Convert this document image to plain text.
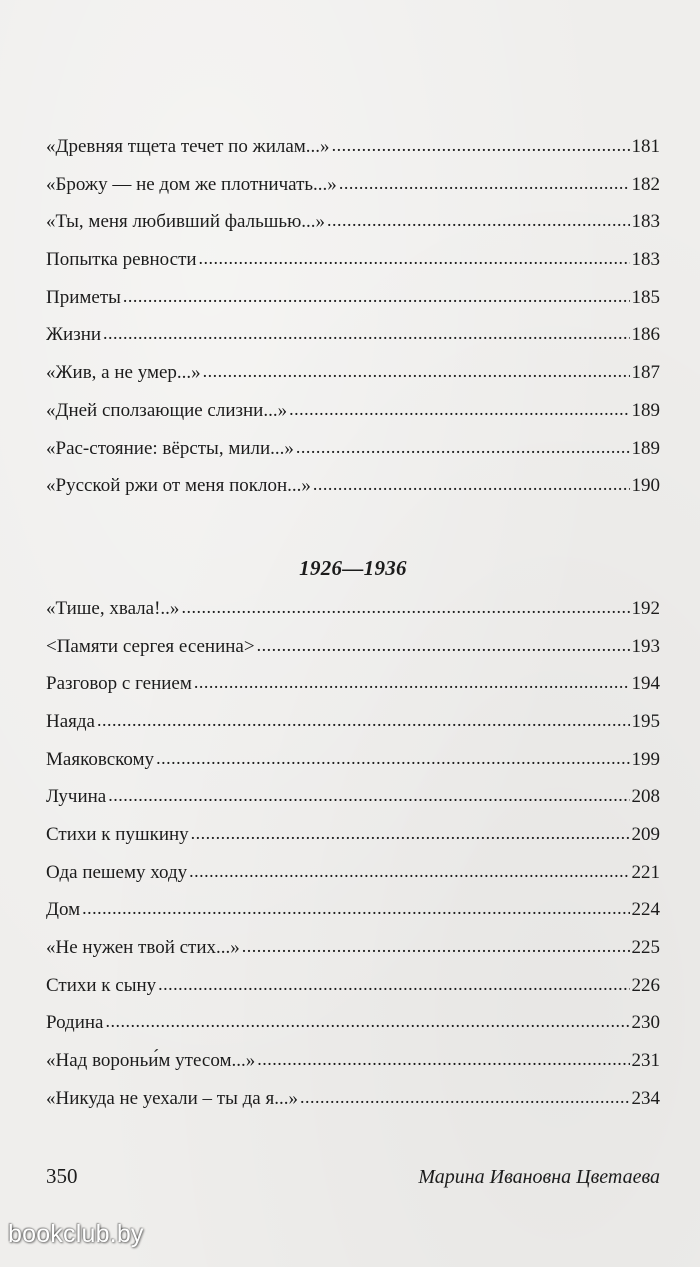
«Древняя тщета течет по жилам...» .....	181
«Брожу — не дом же плотничать...» .....	182
«Ты, меня любивший фальшью...» .....	183
Попытка ревности .....	183
Приметы .....	185
Жизни .....	186
«Жив, а не умер...» .....	187
«Дней сползающие слизни...» .....	189
«Рас-стояние: вёрсты, мили...» .....	189
«Русской ржи от меня поклон...» .....	190
1926—1936
«Тише, хвала!..» .....	192
<Памяти сергея есенина> .....	193
Разговор с гением .....	194
Наяда .....	195
Маяковскому .....	199
Лучина .....	208
Стихи к пушкину .....	209
Ода пешему ходу .....	221
Дом .....	224
«Не нужен твой стих...» .....	225
Стихи к сыну .....	226
Родина .....	230
«Над вороньи́м утесом...» .....	231
«Никуда не уехали – ты да я...» .....	234
350	Марина Ивановна Цветаева
bookclub.by
